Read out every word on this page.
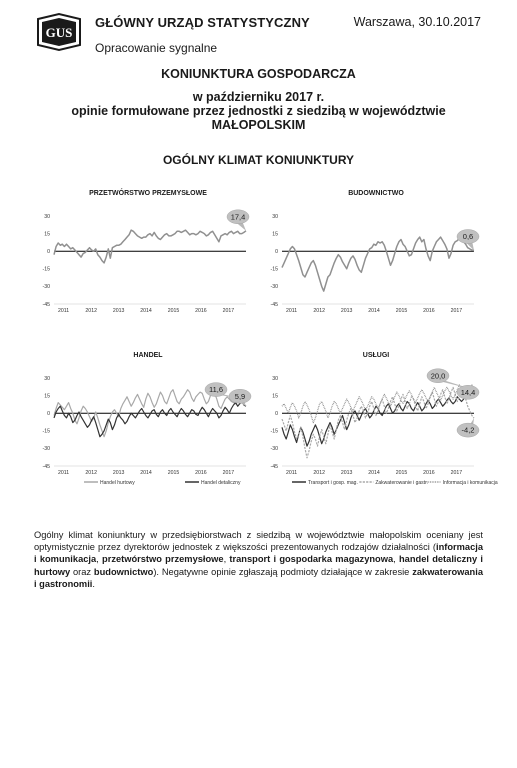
GUS
GŁÓWNY URZĄD STATYSTYCZNY	Warszawa, 30.10.2017
Opracowanie sygnalne
KONIUNKTURA GOSPODARCZA
w październiku 2017 r.
opinie formułowane przez jednostki z siedzibą w województwie
MAŁOPOLSKIM
OGÓLNY KLIMAT KONIUNKTURY
PRZETWÓRSTWO PRZEMYSŁOWE
30
15
0
-15
-30
-45
2011	2012	2013	2014	2015	2016	2017
17,4
BUDOWNICTWO
30
15
0
-15
-30
-45
2011	2012	2013	2014	2015	2016	2017
0,6
HANDEL
30
15
0
-15
-30
-45
2011	2012	2013	2014	2015	2016	2017
11,6
5,9
Handel hurtowy	Handel detaliczny
USŁUGI
30
15
0
-15
-30
-45
2011	2012	2013	2014	2015	2016	2017
20,0
14,4
-4,2
Transport i gosp. mag.	Zakwaterowanie i gastr.	Informacja i komunikacja
Ogólny klimat koniunktury w przedsiębiorstwach z siedzibą w województwie małopolskim oceniany jest optymistycznie przez dyrektorów jednostek z większości prezentowanych rodzajów działalności (informacja i komunikacja, przetwórstwo przemysłowe, transport i gospodarka magazynowa, handel detaliczny i hurtowy oraz budownictwo). Negatywne opinie zgłaszają podmioty działające w zakresie zakwaterowania i gastronomii.
